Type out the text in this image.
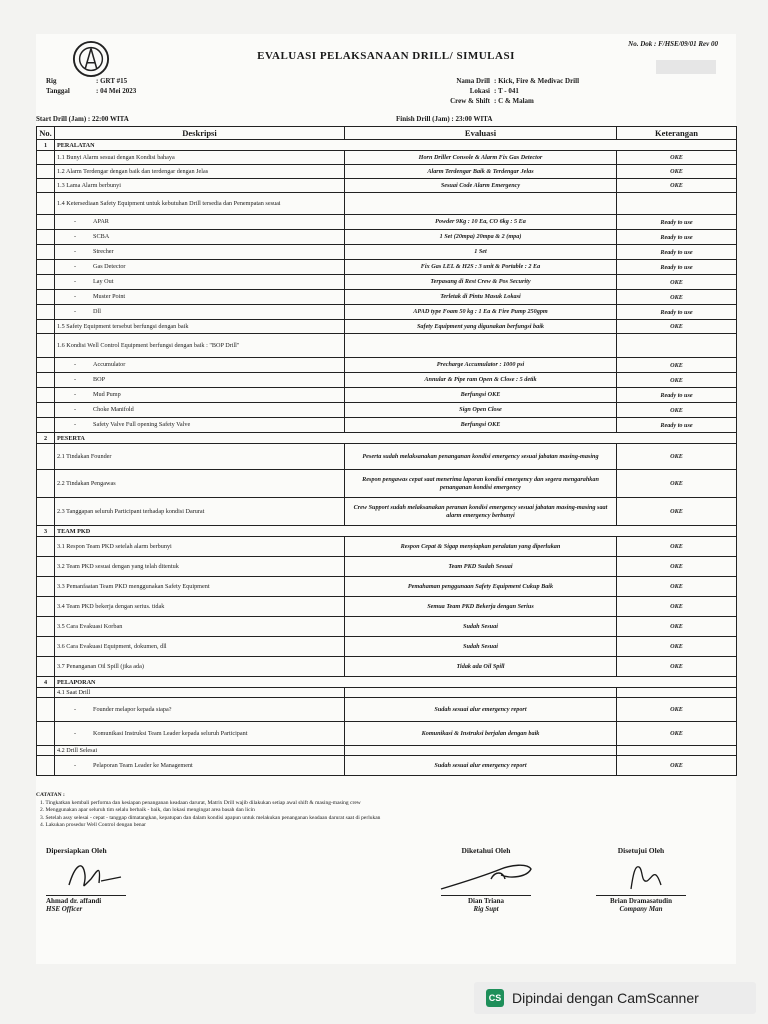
EVALUASI PELAKSANAAN DRILL/ SIMULASI
No. Dok : F/HSE/09/01 Rev 00
Rig	: GRT #15
Tanggal	: 04 Mei 2023
Nama Drill : Kick, Fire & Medivac Drill
Lokasi : T - 041
Crew & Shift : C & Malam
Start Drill (Jam) : 22:00 WITA	Finish Drill (Jam) : 23:00 WITA
No.	Deskripsi	Evaluasi	Keterangan
1	PERALATAN		
	1.1 Bunyi Alarm sesuai dengan Kondisi bahaya	Horn Driller Console & Alarm Fix Gas Detector	OKE
	1.2 Alarm Terdengar dengan baik dan terdengar dengan Jelas	Alarm Terdengar Baik & Terdengar Jelas	OKE
	1.3 Lama Alarm berbunyi	Sesuai Code Alarm Emergency	OKE
	1.4 Ketersediaan Safety Equipment untuk kebutuhan Drill tersedia dan Penempatan sesuai		
	- APAR	Powder 9Kg : 10 Ea, CO 6kg : 5 Ea	Ready to use
	- SCBA	1 Set (20mpa) 20mpa & 2 (mpa)	Ready to use
	- Strecher	1 Set	Ready to use
	- Gas Detector	Fix Gas LEL & H2S : 3 unit & Portable : 2 Ea	Ready to use
	- Lay Out	Terpasang di Rest Crew & Pos Security	OKE
	- Muster Point	Terletak di Pintu Masuk Lokasi	OKE
	- Dll	APAD type Foam 50 kg : 1 Ea & Fire Pump 250gpm	Ready to use
	1.5 Safety Equipment tersebut berfungsi dengan baik	Safety Equipment yang digunakan berfungsi baik	OKE
	1.6 Kondisi Well Control Equipment berfungsi dengan baik : "BOP Drill"		
	- Accumulator	Precharge Accumulator : 1000 psi	OKE
	- BOP	Annular & Pipe ram Open & Close : 5 detik	OKE
	- Mud Pump	Berfungsi OKE	Ready to use
	- Choke Manifold	Sign Open Close	OKE
	- Safety Valve Full opening Safety Valve	Berfungsi OKE	Ready to use
2	PESERTA		
	2.1 Tindakan Founder	Peserta sudah melaksanakan penanganan kondisi emergency sesuai jabatan masing-masing	OKE
	2.2 Tindakan Pengawas	Respon pengawas cepat saat menerima laporan kondisi emergency dan segera mengarahkan penanganan kondisi emergency	OKE
	2.3 Tanggapan seluruh Participant terhadap kondisi Darurat	Crew Support sudah melaksanakan peranan kondisi emergency sesuai jabatan masing-masing saat alarm emergency berbunyi	OKE
3	TEAM PKD		
	3.1 Respon Team PKD setelah alarm berbunyi	Respon Cepat & Sigap menyiapkan peralatan yang diperlukan	OKE
	3.2 Team PKD sesuai dengan yang telah ditentuk	Team PKD Sudah Sesuai	OKE
	3.3 Pemanfaatan Team PKD menggunakan Safety Equipment	Pemahaman penggunaan Safety Equipment Cukup Baik	OKE
	3.4 Team PKD bekerja dengan serius. tidak	Semua Team PKD Bekerja dengan Serius	OKE
	3.5 Cara Evakuasi Korban	Sudah Sesuai	OKE
	3.6 Cara Evakuasi Equipment, dokumen, dll	Sudah Sesuai	OKE
	3.7 Penanganan Oil Spill (jika ada)	Tidak ada Oil Spill	OKE
4	PELAPORAN		
	4.1 Saat Drill		
	- Founder melapor kepada siapa?	Sudah sesuai alur emergency report	OKE
	- Komunikasi Instruksi Team Leader kepada seluruh Participant	Komunikasi & Instruksi berjalan dengan baik	OKE
	4.2 Drill Selesai		
	- Pelaporan Team Leader ke Management	Sudah sesuai alur emergency report	OKE
CATATAN :
1. Tingkatkan kembali performa dan kesiapan penanganan keadaan darurat, Matrix Drill wajib dilakukan setiap awal shift & masing-masing crew
2. Menggunakan apar seluruh tim selalu berbaik - baik, dan lokasi mengingat area basah dan licin
3. Setelah assy selesai - cepat - tanggap dimatangkan, kepatupan dan dalam kondisi apapun untuk melakukan penanganan keadaan darurat saat di perlukan
4. Lakukan prosedur Well Control dengan benar
Dipersiapkan Oleh
Ahmad dr. affandi
HSE Officer
Diketahui Oleh
Dian Triana
Rig Supt
Disetujui Oleh
Brian Dramasatudin
Company Man
CS Dipindai dengan CamScanner
